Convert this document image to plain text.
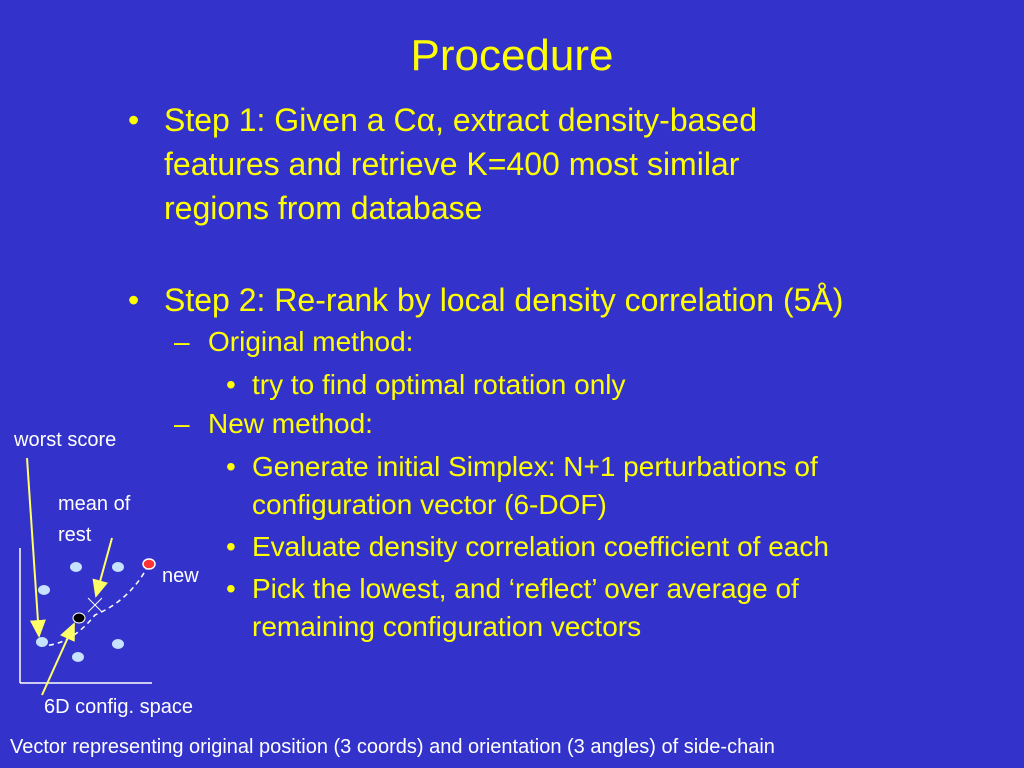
Procedure
• Step 1: Given a Cα, extract density-based
features and retrieve K=400 most similar
regions from database
• Step 2: Re-rank by local density correlation (5Å)
– Original method:
• try to find optimal rotation only
– New method:
• Generate initial Simplex: N+1 perturbations of
configuration vector (6-DOF)
• Evaluate density correlation coefficient of each
• Pick the lowest, and ‘reflect’ over average of
remaining configuration vectors
worst score
mean of
rest
new
6D config. space
Vector representing original position (3 coords) and orientation (3 angles) of side-chain
